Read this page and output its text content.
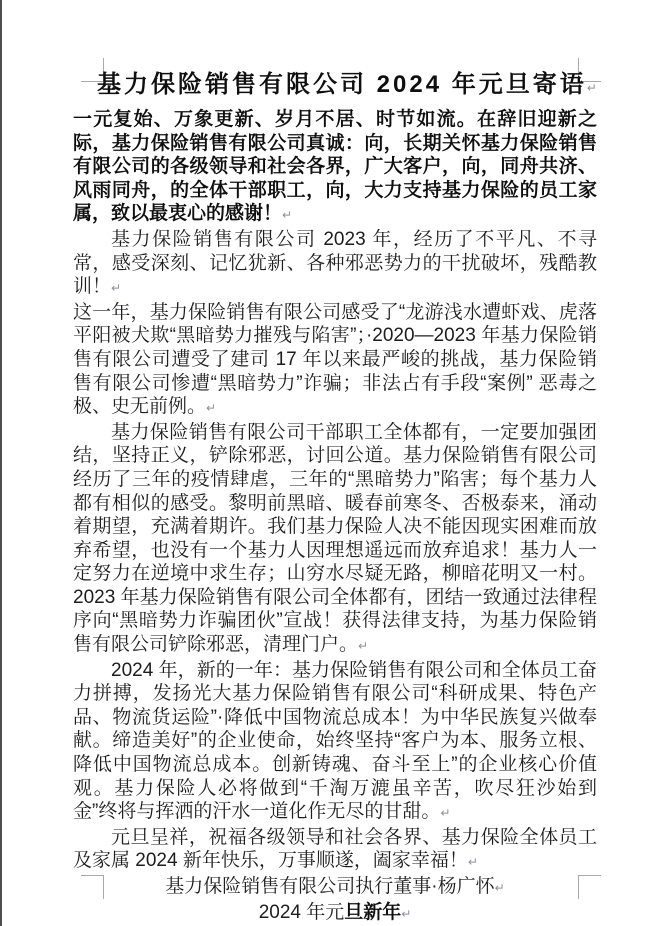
基力保险销售有限公司 2024 年元旦寄语↵

一元复始、万象更新、岁月不居、时节如流。在辞旧迎新之际，基力保险销售有限公司真诚：向，长期关怀基力保险销售有限公司的各级领导和社会各界，广大客户，向，同舟共济、风雨同舟，的全体干部职工，向，大力支持基力保险的员工家属，致以最衷心的感谢！↵

基力保险销售有限公司 2023 年，经历了不平凡、不寻常，感受深刻、记忆犹新、各种邪恶势力的干扰破坏，残酷教训！↵

这一年，基力保险销售有限公司感受了“龙游浅水遭虾戏、虎落平阳被犬欺“黑暗势力摧残与陷害”；·2020—2023 年基力保险销售有限公司遭受了建司 17 年以来最严峻的挑战，基力保险销售有限公司惨遭“黑暗势力”诈骗；非法占有手段“案例” 恶毒之极、史无前例。↵

基力保险销售有限公司干部职工全体都有，一定要加强团结，坚持正义，铲除邪恶，讨回公道。基力保险销售有限公司经历了三年的疫情肆虐，三年的“黑暗势力”陷害；每个基力人都有相似的感受。黎明前黑暗、暖春前寒冬、否极泰来，涌动着期望，充满着期许。我们基力保险人决不能因现实困难而放弃希望，也没有一个基力人因理想遥远而放弃追求！基力人一定努力在逆境中求生存；山穷水尽疑无路，柳暗花明又一村。2023 年基力保险销售有限公司全体都有，团结一致通过法律程序向“黑暗势力诈骗团伙”宣战！获得法律支持，为基力保险销售有限公司铲除邪恶，清理门户。↵

2024 年，新的一年：基力保险销售有限公司和全体员工奋力拼搏，发扬光大基力保险销售有限公司“科研成果、特色产品、物流货运险”·降低中国物流总成本！为中华民族复兴做奉献。缔造美好”的企业使命，始终坚持“客户为本、服务立根、降低中国物流总成本。创新铸魂、奋斗至上”的企业核心价值观。基力保险人必将做到“千淘万漉虽辛苦，吹尽狂沙始到金”终将与挥洒的汗水一道化作无尽的甘甜。↵

元旦呈祥，祝福各级领导和社会各界、基力保险全体员工及家属 2024 新年快乐，万事顺遂，阖家幸福！↵

基力保险销售有限公司执行董事·杨广怀↵

2024 年元旦新年↵
